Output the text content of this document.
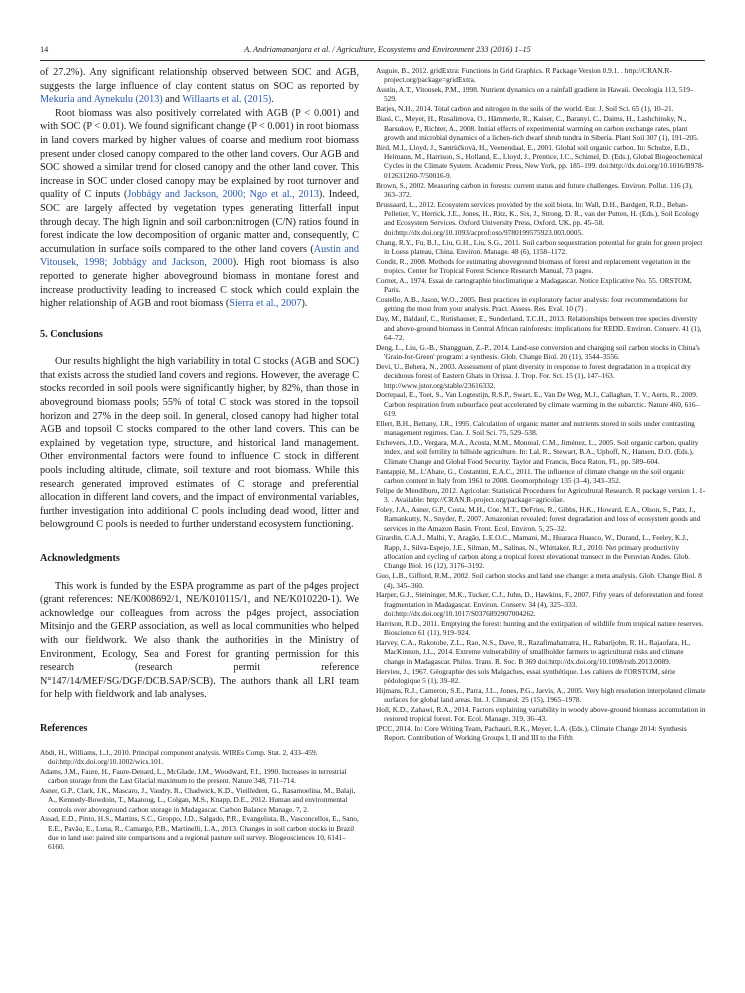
14	A. Andriamananjara et al. / Agriculture, Ecosystems and Environment 233 (2016) 1–15

of 27.2%). Any significant relationship observed between SOC and AGB, suggests the large influence of clay content status on SOC as reported by Mekuria and Aynekulu (2013) and Willaarts et al. (2015).

Root biomass was also positively correlated with AGB (P < 0.001) and with SOC (P < 0.01). We found significant change (P < 0.001) in root biomass in land covers marked by higher values of coarse and medium root biomass present under closed canopy compared to the other land covers. Our AGB and SOC showed a similar trend for closed canopy and the other land cover. This increase in SOC under closed canopy may be explained by root turnover and quality of C inputs (Jobbágy and Jackson, 2000; Ngo et al., 2013). Indeed, SOC are largely affected by vegetation types generating litterfall input through decay. The high lignin and soil carbon:nitrogen (C/N) ratios found in forest indicate the low decomposition of organic matter and, consequently, C accumulation in surface soils compared to the other land covers (Austin and Vitousek, 1998; Jobbágy and Jackson, 2000). High root biomass is also reported to generate higher aboveground biomass in montane forest and increase productivity leading to increased C stock which could explain the higher relationship of AGB and root biomass (Sierra et al., 2007).

5. Conclusions

Our results highlight the high variability in total C stocks (AGB and SOC) that exists across the studied land covers and regions. However, the average C stocks recorded in soil pools were significantly higher, by 82%, than those in aboveground biomass pools; 55% of total C stock was stored in the topsoil horizon and 27% in the deep soil. In general, closed canopy had higher total AGB and topsoil C stocks compared to the other land covers. This can be explained by vegetation type, structure, and historical land management. Other environmental factors were found to influence C stock in different pools including altitude, climate, soil texture and root biomass. While this research generated improved estimates of C storage and preferential allocation in different land covers, and the impact of environmental variables, further investigation into additional C pools including dead wood, litter and belowground C pools is needed to further understand ecosystem functioning.

Acknowledgments

This work is funded by the ESPA programme as part of the p4ges project (grant references: NE/K008692/1, NE/K010115/1, and NE/K010220-1). We acknowledge our colleagues from across the p4ges project, association Mitsinjo and the GERP association, as well as local communities who helped with our fieldwork. We also thank the authorities in the Ministry of Environment, Ecology, Sea and Forest for granting permission for this research (research permit reference N°147/14/MEF/SG/DGF/DCB.SAP/SCB). The authors thank all LRI team for help with fieldwork and lab analyses.

References
Abdi, H., Williams, L.J., 2010. Principal component analysis. WIREs Comp. Stat. 2, 433–459. doi:http://dx.doi.org/10.1002/wics.101.
Adams, J.M., Faure, H., Faure-Denard, L., McGlade, J.M., Woodward, F.I., 1990. Increases in terrestrial carbon storage from the Last Glacial maximum to the present. Nature 348, 711–714.
Asner, G.P., Clark, J.K., Mascaro, J., Vaudry, R., Chadwick, K.D., Vieilledent, G., Rasamoelina, M., Balaji, A., Kennedy-Bowdoin, T., Maatoug, L., Colgan, M.S., Knapp, D.E., 2012. Human and environmental controls over aboveground carbon storage in Madagascar. Carbon Balance Manage. 7, 2.
Assad, E.D., Pinto, H.S., Martins, S.C., Groppo, J.D., Salgado, P.R., Evangelista, B., Vasconcellos, E., Sano, E.E., Pavão, E., Luna, R., Camargo, P.B., Martinelli, L.A., 2013. Changes in soil carbon stocks in Brazil due to land use: paired site comparisons and a regional pasture soil survey. Biogeosciences 10, 6141–6160.
Auguie, B., 2012. gridExtra: Functions in Grid Graphics. R Package Version 0.9.1. . http://CRAN.R-project.org/package=gridExtra.
Austin, A.T., Vitousek, P.M., 1998. Nutrient dynamics on a rainfall gradient in Hawaii. Oecologia 113, 519–529.
Batjes, N.H., 2014. Total carbon and nitrogen in the soils of the world. Eur. J. Soil Sci. 65 (1), 10–21.
Biasi, C., Meyer, H., Rusalimova, O., Hämmerle, R., Kaiser, C., Baranyi, C., Daims, H., Lashchinsky, N., Barsukov, P., Richter, A., 2008. Initial effects of experimental warming on carbon exchange rates, plant growth and microbial dynamics of a lichen-rich dwarf shrub tundra in Siberia. Plant Soil 307 (1), 191–205.
Bird, M.I., Lloyd, J., Santrùčkovà, H., Veenendaal, E., 2001. Global soil organic carbon. In: Schulze, E.D., Heimann, M., Harrison, S., Holland, E., Lloyd, J., Prentice, I.C., Schimel, D. (Eds.), Global Biogeochemical Cycles in the Climate System. Academic Press, New York, pp. 185–199. doi:http://dx.doi.org/10.1016/B978-012631260-7/50016-9.
Brown, S., 2002. Measuring carbon in forests: current status and future challenges. Environ. Pollut. 116 (3), 363–372.
Brussaard, L., 2012. Ecosystem services provided by the soil biota. In: Wall, D.H., Bardgett, R.D., Behan-Pelletier, V., Herrick, J.E., Jones, H., Ritz, K., Six, J., Strong, D. R., van der Putten, H. (Eds.), Soil Ecology and Ecosystem Services. Oxford University Press, Oxford, UK, pp. 45–58. doi:http://dx.doi.org/10.1093/acprof:oso/9780199575923.003.0005.
Chang, R.Y., Fu, B.J., Liu, G.H., Liu, S.G., 2011. Soil carbon sequestration potential for grain for green project in Loess plateau, China. Environ. Manage. 48 (6), 1158–1172.
Condit, R., 2008. Methods for estimating aboveground biomass of forest and replacement vegetation in the tropics. Center for Tropical Forest Science Research Manual, 73 pages.
Cornet, A., 1974. Essai de cartographie bioclimatique a Madagascar. Notice Explicative No. 55. ORSTOM, Paris.
Costello, A.B., Jason, W.O., 2005. Best practices in exploratory factor analysis: four recommendations for getting the most from your analysis. Pract. Assess. Res. Eval. 10 (7) .
Day, M., Baldauf, C., Rutishauser, E., Sunderland, T.C.H., 2013. Relationships between tree species diversity and above-ground biomass in Central African rainforests: implications for REDD. Environ. Conserv. 41 (1), 64–72.
Deng, L., Liu, G.-B., Shangguan, Z.-P., 2014. Land-use conversion and changing soil carbon stocks in China's 'Grain-for-Green' program: a synthesis. Glob. Change Biol. 20 (11), 3544–3556.
Devi, U., Behera, N., 2003. Assessment of plant diversity in response to forest degradation in a tropical dry deciduous forest of Eastern Ghats in Orissa. J. Trop. For. Sci. 15 (1), 147–163. http://www.jstor.org/stable/23616332.
Dorrepaal, E., Toet, S., Van Logtestijn, R.S.P., Swart, E., Van De Weg, M.J., Callaghan, T. V., Aerts, R., 2009. Carbon respiration from subsurface peat accelerated by climate warming in the subarctic. Nature 460, 616–619.
Ellert, B.H., Bettany, J.R., 1995. Calculation of organic matter and nutrients stored in soils under contrasting management regimes. Can. J. Soil Sci. 75, 529–538.
Etchevers, J.D., Vergara, M.A., Acosta, M.M., Monreal, C.M., Jiménez, L., 2005. Soil organic carbon, quality index, and soil fertility in hillside agriculture. In: Lal, R., Stewart, B.A., Uphoff, N., Hansen, D.O. (Eds.), Climate Change and Global Food Security. Taylor and Francis, Boca Raton, FL, pp. 589–604.
Fantappié, M., L'Abate, G., Costantini, E.A.C., 2011. The influence of climate change on the soil organic carbon content in Italy from 1961 to 2008. Geomorphology 135 (3–4), 343–352.
Felipe de Mendiburu, 2012. Agricolae: Statistical Procedures for Agricultural Research. R package version 1. 1-3. . Available: http://CRAN.R-project.org/package=agricolae.
Foley, J.A., Asner, G.P., Costa, M.H., Coe, M.T., DeFries, R., Gibbs, H.K., Howard, E.A., Olson, S., Patz, J., Ramankutty, N., Snyder, P., 2007. Amazonian revealed: forest degradation and loss of ecosystem goods and services in the Amazon Basin. Front. Ecol. Environ. 5, 25–32.
Girardin, C.A.J., Malhi, Y., Aragão, L.E.O.C., Mamani, M., Huaraca Huasco, W., Durand, L., Feeley, K.J., Rapp, J., Silva-Espejo, J.E., Silman, M., Salinas, N., Whittaker, R.J., 2010. Net primary productivity allocation and cycling of carbon along a tropical forest elevational transect in the Peruvian Andes. Glob. Change Biol. 16 (12), 3176–3192.
Guo, L.B., Gifford, R.M., 2002. Soil carbon stocks and land use change: a meta analysis. Glob. Change Biol. 8 (4), 345–360.
Harper, G.J., Steininger, M.K., Tucker, C.J., Juhn, D., Hawkins, F., 2007. Fifty years of deforestation and forest fragmentation in Madagascar. Environ. Conserv. 34 (4), 325–333. doi:http://dx.doi.org/10.1017/S0376892907004262.
Harrison, R.D., 2011. Emptying the forest: hunting and the extirpation of wildlife from tropical nature reserves. Bioscience 61 (11), 919–924.
Harvey, C.A., Rakotobe, Z.L., Rao, N.S., Dave, R., Razafimahatratra, H., Rabarijohn, R. H., Rajaofara, H., MacKinnon, J.L., 2014. Extreme vulnerability of smallholder farmers to agricultural risks and climate change in Madagascar. Philos. Trans. R. Soc. B 369 doi:http://dx.doi.org/10.1098/rstb.2013.0089.
Hervieu, J., 1967. Géographie des sols Malgaches, essai synthétique. Les cahiers de l'ORSTOM, série pédologique 5 (1), 39–82.
Hijmans, R.J., Cameron, S.E., Parra, J.L., Jones, P.G., Jarvis, A., 2005. Very high resolution interpolated climate surfaces for global land areas. Int. J. Climatol. 25 (15), 1965–1978.
Holl, K.D., Zahawi, R.A., 2014. Factors explaining variability in woody above-ground biomass accumulation in restored tropical forest. For. Ecol. Manage. 319, 36–43.
IPCC, 2014. In: Core Writing Team, Pachauri, R.K., Meyer, L.A. (Eds.), Climate Change 2014: Synthesis Report. Contribution of Working Groups I, II and III to the Fifth
